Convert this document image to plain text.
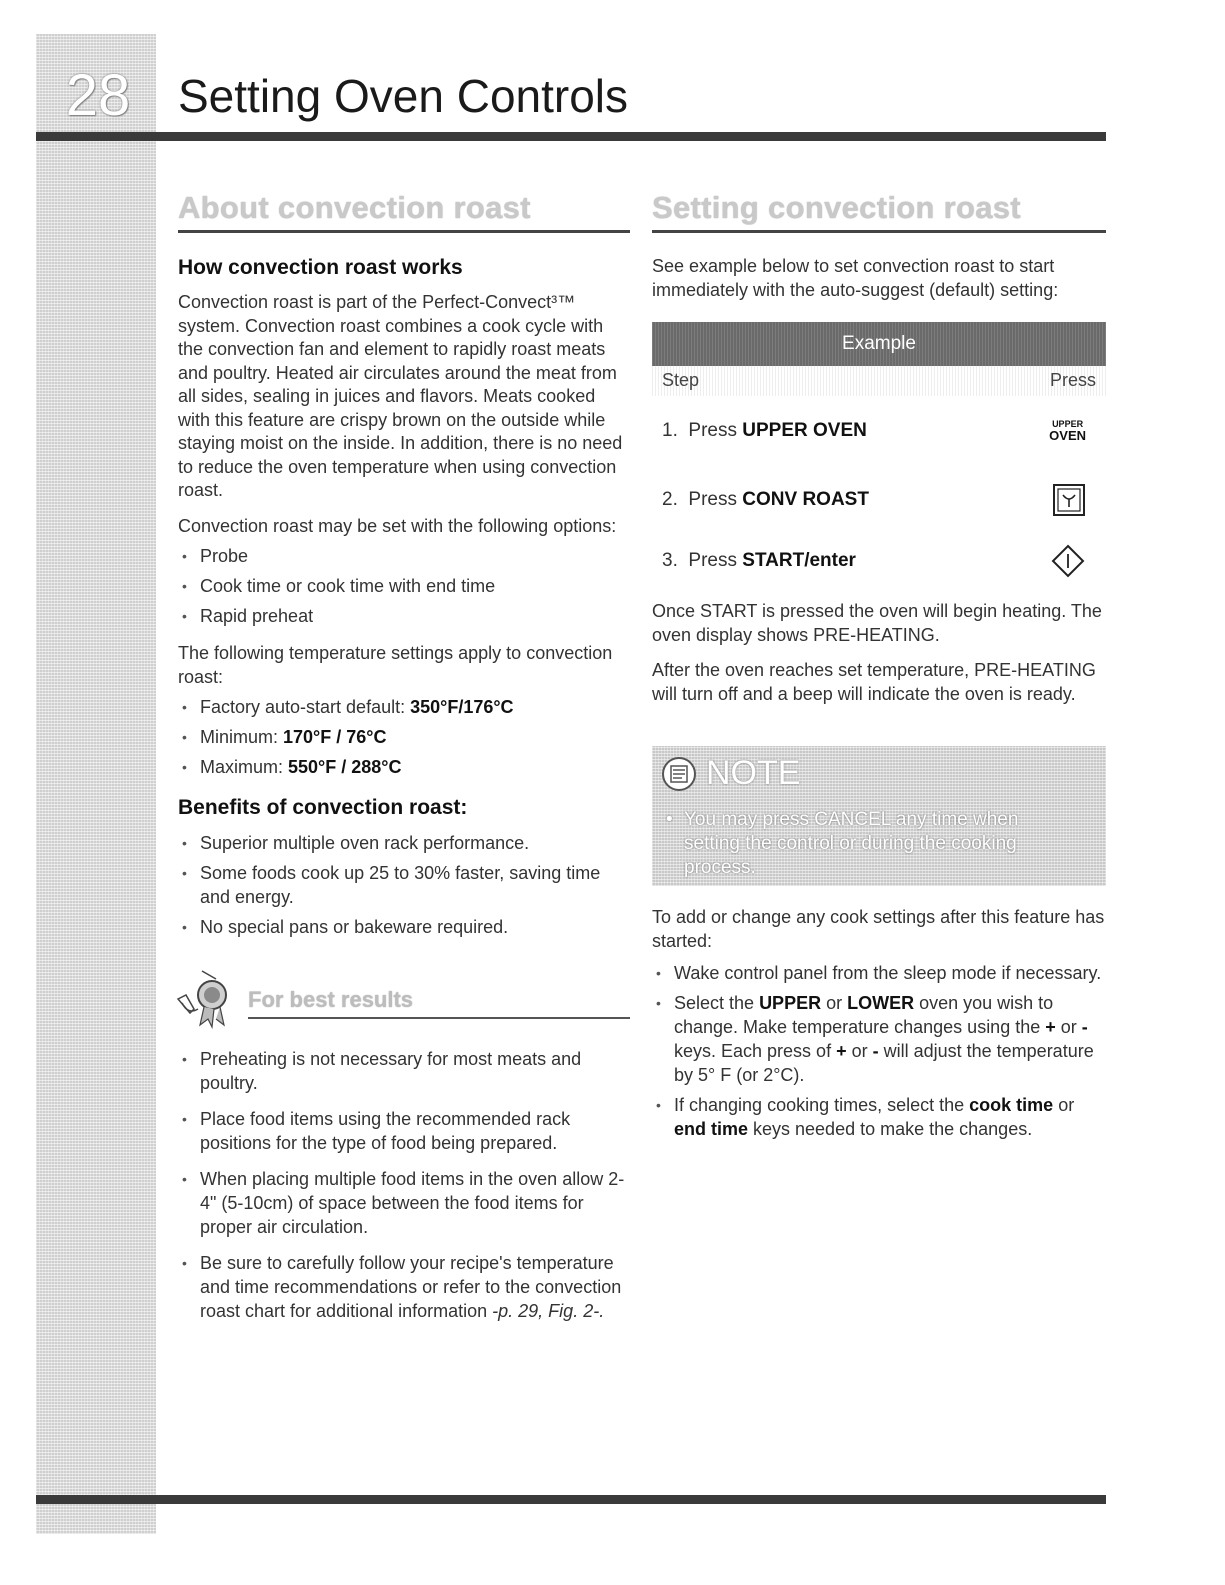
28	Setting Oven Controls
About convection roast
How convection roast works

Convection roast is part of the Perfect-Convect³™ system. Convection roast combines a cook cycle with the convection fan and element to rapidly roast meats and poultry. Heated air circulates around the meat from all sides, sealing in juices and flavors. Meats cooked with this feature are crispy brown on the outside while staying moist on the inside. In addition, there is no need to reduce the oven temperature when using convection roast.

Convection roast may be set with the following options:

• Probe
• Cook time or cook time with end time
• Rapid preheat

The following temperature settings apply to convection roast:

• Factory auto-start default: 350°F/176°C
• Minimum: 170°F / 76°C
• Maximum: 550°F / 288°C
Benefits of convection roast:
• Superior multiple oven rack performance.
• Some foods cook up 25 to 30% faster, saving time and energy.
• No special pans or bakeware required.
For best results
• Preheating is not necessary for most meats and poultry.
• Place food items using the recommended rack positions for the type of food being prepared.
• When placing multiple food items in the oven allow 2-4" (5-10cm) of space between the food items for proper air circulation.
• Be sure to carefully follow your recipe's temperature and time recommendations or refer to the convection roast chart for additional information -p. 29, Fig. 2-.
Setting convection roast

See example below to set convection roast to start immediately with the auto-suggest (default) setting:

Example
Step	Press
1. Press UPPER OVEN	UPPER
OVEN
2. Press CONV ROAST
3. Press START/enter

Once START is pressed the oven will begin heating. The oven display shows PRE-HEATING.

After the oven reaches set temperature, PRE-HEATING will turn off and a beep will indicate the oven is ready.

NOTE
• You may press CANCEL any time when setting the control or during the cooking process.

To add or change any cook settings after this feature has started:

• Wake control panel from the sleep mode if necessary.
• Select the UPPER or LOWER oven you wish to change. Make temperature changes using the + or - keys. Each press of + or - will adjust the temperature by 5° F (or 2°C).
• If changing cooking times, select the cook time or end time keys needed to make the changes.
